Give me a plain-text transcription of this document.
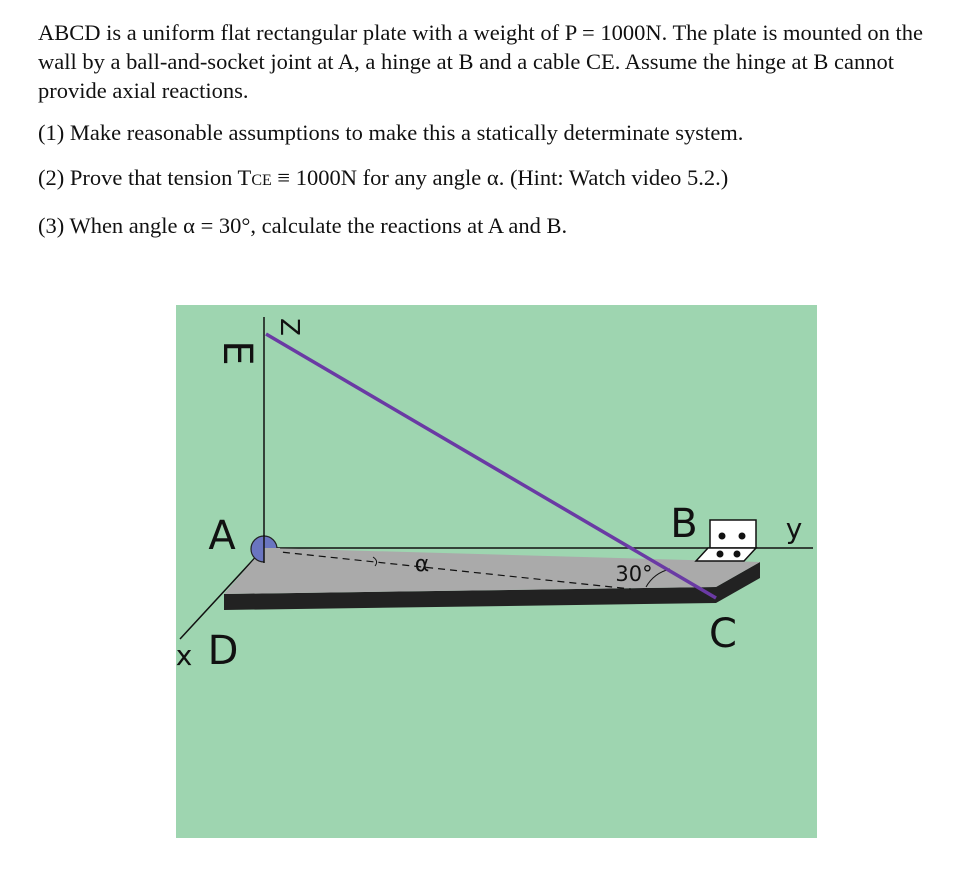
ABCD is a uniform flat rectangular plate with a weight of P = 1000N. The plate is mounted on the wall by a ball-and-socket joint at A, a hinge at B and a cable CE. Assume the hinge at B cannot provide axial reactions.

(1) Make reasonable assumptions to make this a statically determinate system.

(2) Prove that tension TCE ≡ 1000N for any angle α. (Hint: Watch video 5.2.)

(3) When angle α = 30°, calculate the reactions at A and B.

Z
E
A	B	y
C
x D
α	30°
